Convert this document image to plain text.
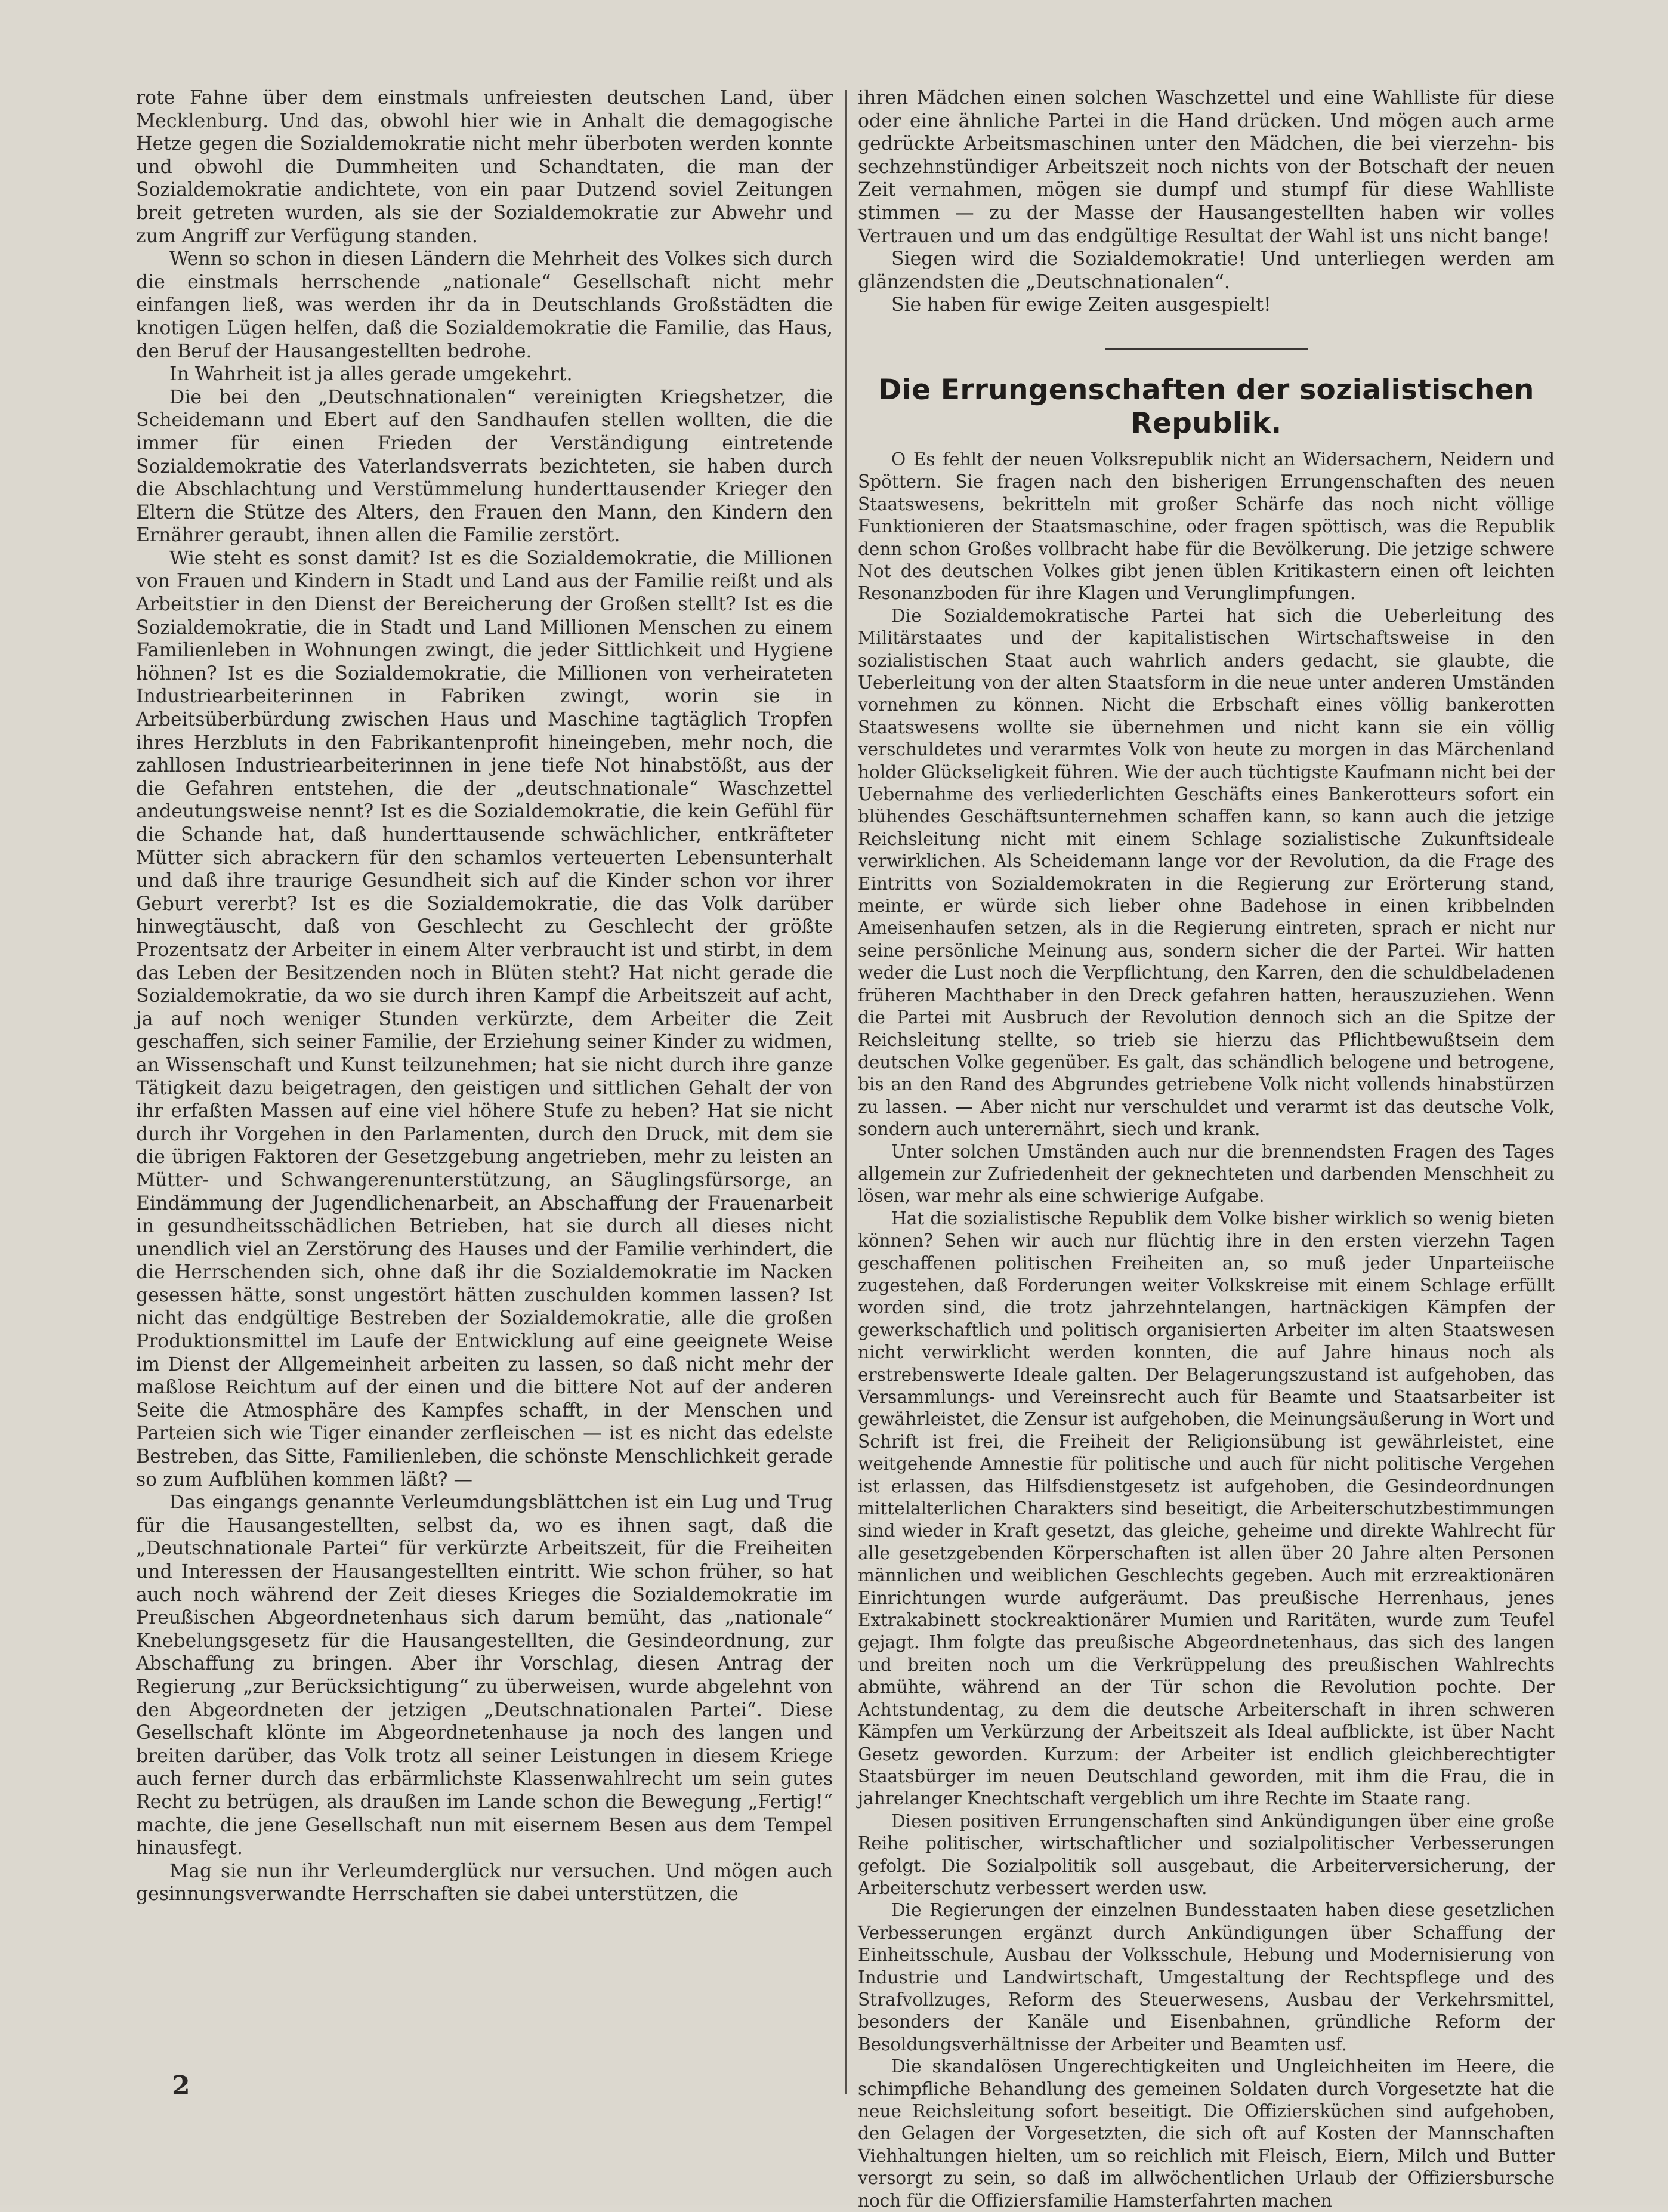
rote Fahne über dem einstmals unfreiesten deutschen Land, über Mecklenburg. Und das, obwohl hier wie in Anhalt die demagogische Hetze gegen die Sozialdemokratie nicht mehr überboten werden konnte und obwohl die Dummheiten und Schandtaten, die man der Sozialdemokratie andichtete, von ein paar Dutzend soviel Zeitungen breit getreten wurden, als sie der Sozialdemokratie zur Abwehr und zum Angriff zur Verfügung standen.

Wenn so schon in diesen Ländern die Mehrheit des Volkes sich durch die einstmals herrschende „nationale“ Gesellschaft nicht mehr einfangen ließ, was werden ihr da in Deutschlands Großstädten die knotigen Lügen helfen, daß die Sozialdemokratie die Familie, das Haus, den Beruf der Hausangestellten bedrohe.

In Wahrheit ist ja alles gerade umgekehrt.

Die bei den „Deutschnationalen“ vereinigten Kriegshetzer, die Scheidemann und Ebert auf den Sandhaufen stellen wollten, die die immer für einen Frieden der Verständigung eintretende Sozialdemokratie des Vaterlandsverrats bezichteten, sie haben durch die Abschlachtung und Verstümmelung hunderttausender Krieger den Eltern die Stütze des Alters, den Frauen den Mann, den Kindern den Ernährer geraubt, ihnen allen die Familie zerstört.

Wie steht es sonst damit? Ist es die Sozialdemokratie, die Millionen von Frauen und Kindern in Stadt und Land aus der Familie reißt und als Arbeitstier in den Dienst der Bereicherung der Großen stellt? Ist es die Sozialdemokratie, die in Stadt und Land Millionen Menschen zu einem Familienleben in Wohnungen zwingt, die jeder Sittlichkeit und Hygiene höhnen? Ist es die Sozialdemokratie, die Millionen von verheirateten Industriearbeiterinnen in Fabriken zwingt, worin sie in Arbeitsüberbürdung zwischen Haus und Maschine tagtäglich Tropfen ihres Herzbluts in den Fabrikantenprofit hineingeben, mehr noch, die zahllosen Industriearbeiterinnen in jene tiefe Not hinabstößt, aus der die Gefahren entstehen, die der „deutschnationale“ Waschzettel andeutungsweise nennt? Ist es die Sozialdemokratie, die kein Gefühl für die Schande hat, daß hunderttausende schwächlicher, entkräfteter Mütter sich abrackern für den schamlos verteuerten Lebensunterhalt und daß ihre traurige Gesundheit sich auf die Kinder schon vor ihrer Geburt vererbt? Ist es die Sozialdemokratie, die das Volk darüber hinwegtäuscht, daß von Geschlecht zu Geschlecht der größte Prozentsatz der Arbeiter in einem Alter verbraucht ist und stirbt, in dem das Leben der Besitzenden noch in Blüten steht? Hat nicht gerade die Sozialdemokratie, da wo sie durch ihren Kampf die Arbeitszeit auf acht, ja auf noch weniger Stunden verkürzte, dem Arbeiter die Zeit geschaffen, sich seiner Familie, der Erziehung seiner Kinder zu widmen, an Wissenschaft und Kunst teilzunehmen; hat sie nicht durch ihre ganze Tätigkeit dazu beigetragen, den geistigen und sittlichen Gehalt der von ihr erfaßten Massen auf eine viel höhere Stufe zu heben? Hat sie nicht durch ihr Vorgehen in den Parlamenten, durch den Druck, mit dem sie die übrigen Faktoren der Gesetzgebung angetrieben, mehr zu leisten an Mütter- und Schwangerenunterstützung, an Säuglingsfürsorge, an Eindämmung der Jugendlichenarbeit, an Abschaffung der Frauenarbeit in gesundheitsschädlichen Betrieben, hat sie durch all dieses nicht unendlich viel an Zerstörung des Hauses und der Familie verhindert, die die Herrschenden sich, ohne daß ihr die Sozialdemokratie im Nacken gesessen hätte, sonst ungestört hätten zuschulden kommen lassen? Ist nicht das endgültige Bestreben der Sozialdemokratie, alle die großen Produktionsmittel im Laufe der Entwicklung auf eine geeignete Weise im Dienst der Allgemeinheit arbeiten zu lassen, so daß nicht mehr der maßlose Reichtum auf der einen und die bittere Not auf der anderen Seite die Atmosphäre des Kampfes schafft, in der Menschen und Parteien sich wie Tiger einander zerfleischen — ist es nicht das edelste Bestreben, das Sitte, Familienleben, die schönste Menschlichkeit gerade so zum Aufblühen kommen läßt? —

Das eingangs genannte Verleumdungsblättchen ist ein Lug und Trug für die Hausangestellten, selbst da, wo es ihnen sagt, daß die „Deutschnationale Partei“ für verkürzte Arbeitszeit, für die Freiheiten und Interessen der Hausangestellten eintritt. Wie schon früher, so hat auch noch während der Zeit dieses Krieges die Sozialdemokratie im Preußischen Abgeordnetenhaus sich darum bemüht, das „nationale“ Knebelungsgesetz für die Hausangestellten, die Gesindeordnung, zur Abschaffung zu bringen. Aber ihr Vorschlag, diesen Antrag der Regierung „zur Berücksichtigung“ zu überweisen, wurde abgelehnt von den Abgeordneten der jetzigen „Deutschnationalen Partei“. Diese Gesellschaft klönte im Abgeordnetenhause ja noch des langen und breiten darüber, das Volk trotz all seiner Leistungen in diesem Kriege auch ferner durch das erbärmlichste Klassenwahlrecht um sein gutes Recht zu betrügen, als draußen im Lande schon die Bewegung „Fertig!“ machte, die jene Gesellschaft nun mit eisernem Besen aus dem Tempel hinausfegt.

Mag sie nun ihr Verleumderglück nur versuchen. Und mögen auch gesinnungsverwandte Herrschaften sie dabei unterstützen, die

ihren Mädchen einen solchen Waschzettel und eine Wahlliste für diese oder eine ähnliche Partei in die Hand drücken. Und mögen auch arme gedrückte Arbeitsmaschinen unter den Mädchen, die bei vierzehn- bis sechzehnstündiger Arbeitszeit noch nichts von der Botschaft der neuen Zeit vernahmen, mögen sie dumpf und stumpf für diese Wahlliste stimmen — zu der Masse der Hausangestellten haben wir volles Vertrauen und um das endgültige Resultat der Wahl ist uns nicht bange!

Siegen wird die Sozialdemokratie! Und unterliegen werden am glänzendsten die „Deutschnationalen“.

Sie haben für ewige Zeiten ausgespielt!

Die Errungenschaften der sozialistischen Republik.

O Es fehlt der neuen Volksrepublik nicht an Widersachern, Neidern und Spöttern. Sie fragen nach den bisherigen Errungenschaften des neuen Staatswesens, bekritteln mit großer Schärfe das noch nicht völlige Funktionieren der Staatsmaschine, oder fragen spöttisch, was die Republik denn schon Großes vollbracht habe für die Bevölkerung. Die jetzige schwere Not des deutschen Volkes gibt jenen üblen Kritikastern einen oft leichten Resonanzboden für ihre Klagen und Verunglimpfungen.

Die Sozialdemokratische Partei hat sich die Ueberleitung des Militärstaates und der kapitalistischen Wirtschaftsweise in den sozialistischen Staat auch wahrlich anders gedacht, sie glaubte, die Ueberleitung von der alten Staatsform in die neue unter anderen Umständen vornehmen zu können. Nicht die Erbschaft eines völlig bankerotten Staatswesens wollte sie übernehmen und nicht kann sie ein völlig verschuldetes und verarmtes Volk von heute zu morgen in das Märchenland holder Glückseligkeit führen. Wie der auch tüchtigste Kaufmann nicht bei der Uebernahme des verliederlichten Geschäfts eines Bankerotteurs sofort ein blühendes Geschäftsunternehmen schaffen kann, so kann auch die jetzige Reichsleitung nicht mit einem Schlage sozialistische Zukunftsideale verwirklichen. Als Scheidemann lange vor der Revolution, da die Frage des Eintritts von Sozialdemokraten in die Regierung zur Erörterung stand, meinte, er würde sich lieber ohne Badehose in einen kribbelnden Ameisenhaufen setzen, als in die Regierung eintreten, sprach er nicht nur seine persönliche Meinung aus, sondern sicher die der Partei. Wir hatten weder die Lust noch die Verpflichtung, den Karren, den die schuldbeladenen früheren Machthaber in den Dreck gefahren hatten, herauszuziehen. Wenn die Partei mit Ausbruch der Revolution dennoch sich an die Spitze der Reichsleitung stellte, so trieb sie hierzu das Pflichtbewußtsein dem deutschen Volke gegenüber. Es galt, das schändlich belogene und betrogene, bis an den Rand des Abgrundes getriebene Volk nicht vollends hinabstürzen zu lassen. — Aber nicht nur verschuldet und verarmt ist das deutsche Volk, sondern auch unterernährt, siech und krank.

Unter solchen Umständen auch nur die brennendsten Fragen des Tages allgemein zur Zufriedenheit der geknechteten und darbenden Menschheit zu lösen, war mehr als eine schwierige Aufgabe.

Hat die sozialistische Republik dem Volke bisher wirklich so wenig bieten können? Sehen wir auch nur flüchtig ihre in den ersten vierzehn Tagen geschaffenen politischen Freiheiten an, so muß jeder Unparteiische zugestehen, daß Forderungen weiter Volkskreise mit einem Schlage erfüllt worden sind, die trotz jahrzehntelangen, hartnäckigen Kämpfen der gewerkschaftlich und politisch organisierten Arbeiter im alten Staatswesen nicht verwirklicht werden konnten, die auf Jahre hinaus noch als erstrebenswerte Ideale galten. Der Belagerungszustand ist aufgehoben, das Versammlungs- und Vereinsrecht auch für Beamte und Staatsarbeiter ist gewährleistet, die Zensur ist aufgehoben, die Meinungsäußerung in Wort und Schrift ist frei, die Freiheit der Religionsübung ist gewährleistet, eine weitgehende Amnestie für politische und auch für nicht politische Vergehen ist erlassen, das Hilfsdienstgesetz ist aufgehoben, die Gesindeordnungen mittelalterlichen Charakters sind beseitigt, die Arbeiterschutzbestimmungen sind wieder in Kraft gesetzt, das gleiche, geheime und direkte Wahlrecht für alle gesetzgebenden Körperschaften ist allen über 20 Jahre alten Personen männlichen und weiblichen Geschlechts gegeben. Auch mit erzreaktionären Einrichtungen wurde aufgeräumt. Das preußische Herrenhaus, jenes Extrakabinett stockreaktionärer Mumien und Raritäten, wurde zum Teufel gejagt. Ihm folgte das preußische Abgeordnetenhaus, das sich des langen und breiten noch um die Verkrüppelung des preußischen Wahlrechts abmühte, während an der Tür schon die Revolution pochte. Der Achtstundentag, zu dem die deutsche Arbeiterschaft in ihren schweren Kämpfen um Verkürzung der Arbeitszeit als Ideal aufblickte, ist über Nacht Gesetz geworden. Kurzum: der Arbeiter ist endlich gleichberechtigter Staatsbürger im neuen Deutschland geworden, mit ihm die Frau, die in jahrelanger Knechtschaft vergeblich um ihre Rechte im Staate rang.

Diesen positiven Errungenschaften sind Ankündigungen über eine große Reihe politischer, wirtschaftlicher und sozialpolitischer Verbesserungen gefolgt. Die Sozialpolitik soll ausgebaut, die Arbeiterversicherung, der Arbeiterschutz verbessert werden usw.

Die Regierungen der einzelnen Bundesstaaten haben diese gesetzlichen Verbesserungen ergänzt durch Ankündigungen über Schaffung der Einheitsschule, Ausbau der Volksschule, Hebung und Modernisierung von Industrie und Landwirtschaft, Umgestaltung der Rechtspflege und des Strafvollzuges, Reform des Steuerwesens, Ausbau der Verkehrsmittel, besonders der Kanäle und Eisenbahnen, gründliche Reform der Besoldungsverhältnisse der Arbeiter und Beamten usf.

Die skandalösen Ungerechtigkeiten und Ungleichheiten im Heere, die schimpfliche Behandlung des gemeinen Soldaten durch Vorgesetzte hat die neue Reichsleitung sofort beseitigt. Die Offiziersküchen sind aufgehoben, den Gelagen der Vorgesetzten, die sich oft auf Kosten der Mannschaften Viehhaltungen hielten, um so reichlich mit Fleisch, Eiern, Milch und Butter versorgt zu sein, so daß im allwöchentlichen Urlaub der Offiziersbursche noch für die Offiziersfamilie Hamsterfahrten machen

2
